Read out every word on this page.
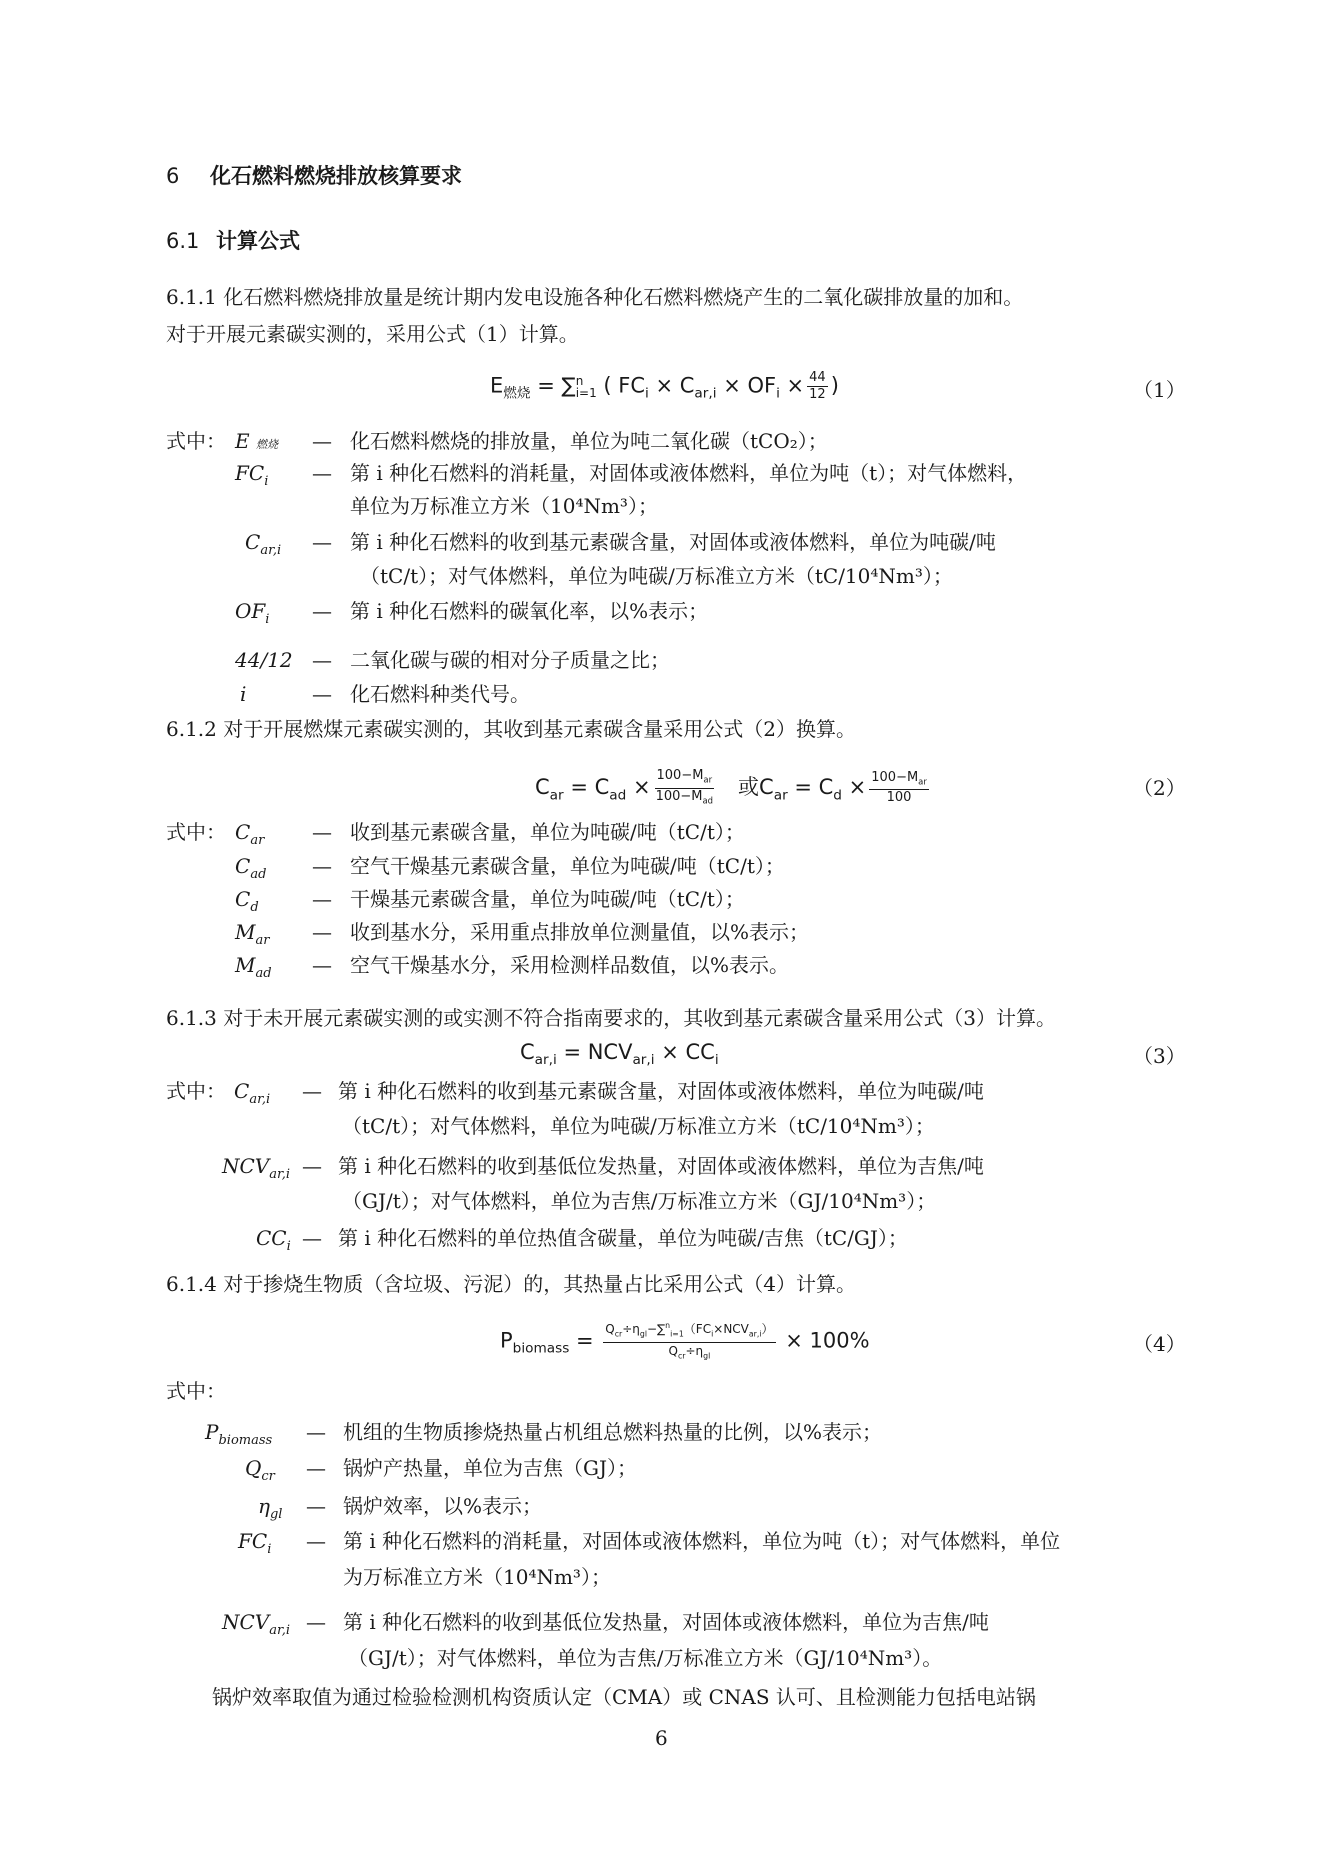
6 化石燃料燃烧排放核算要求
6.1 计算公式
6.1.1 化石燃料燃烧排放量是统计期内发电设施各种化石燃料燃烧产生的二氧化碳排放量的加和。
对于开展元素碳实测的，采用公式（1）计算。
$E_{燃烧}$ = ∑ n
i=1 ( $FC_i \times C_{ar,i} \times OF_i \times \frac{44}{12}$ )	（1）
式中： E 燃烧 — 化石燃料燃烧的排放量，单位为吨二氧化碳（tCO₂）；
$FC_i$ — 第 i 种化石燃料的消耗量，对固体或液体燃料，单位为吨（t）；对气体燃料，
单位为万标准立方米（10⁴Nm³）；
$C_{ar,i}$ — 第 i 种化石燃料的收到基元素碳含量，对固体或液体燃料，单位为吨碳/吨
（tC/t）；对气体燃料，单位为吨碳/万标准立方米（tC/10⁴Nm³）；
$OF_i$ — 第 i 种化石燃料的碳氧化率，以%表示；
44/12 — 二氧化碳与碳的相对分子质量之比；
i	— 化石燃料种类代号。
6.1.2 对于开展燃煤元素碳实测的，其收到基元素碳含量采用公式（2）换算。
$C_{ar} = C_{ad} \times \frac{100-M_{ar}}{100-M_{ad}}$ 或$C_{ar} = C_d \times \frac{100-M_{ar}}{100}$	（2）
式中： $C_{ar}$ — 收到基元素碳含量，单位为吨碳/吨（tC/t）；
$C_{ad}$ — 空气干燥基元素碳含量，单位为吨碳/吨（tC/t）；
$C_d$	— 干燥基元素碳含量，单位为吨碳/吨（tC/t）；
$M_{ar}$ — 收到基水分，采用重点排放单位测量值，以%表示；
$M_{ad}$ — 空气干燥基水分，采用检测样品数值，以%表示。
6.1.3 对于未开展元素碳实测的或实测不符合指南要求的，其收到基元素碳含量采用公式（3）计算。
$C_{ar,i} = NCV_{ar,i} \times CC_i$	（3）
式中： $C_{ar,i}$ — 第 i 种化石燃料的收到基元素碳含量，对固体或液体燃料，单位为吨碳/吨
（tC/t）；对气体燃料，单位为吨碳/万标准立方米（tC/10⁴Nm³）；
$NCV_{ar,i}$ — 第 i 种化石燃料的收到基低位发热量，对固体或液体燃料，单位为吉焦/吨
（GJ/t）；对气体燃料，单位为吉焦/万标准立方米（GJ/10⁴Nm³）；
$CC_i$ — 第 i 种化石燃料的单位热值含碳量，单位为吨碳/吉焦（tC/GJ）；
6.1.4 对于掺烧生物质（含垃圾、污泥）的，其热量占比采用公式（4）计算。
$P_{biomass} = \frac{Q_{cr}\div\eta_{gl}-\sum^n_{i=1}(FC_i\times NCV_{ar,i})}{Q_{cr}\div\eta_{gl}} \times 100\%$	（4）
式中：
$P_{biomass}$ — 机组的生物质掺烧热量占机组总燃料热量的比例，以%表示；
$Q_{cr}$ — 锅炉产热量，单位为吉焦（GJ）；
$\eta_{gl}$ — 锅炉效率，以%表示；
$FC_i$ — 第 i 种化石燃料的消耗量，对固体或液体燃料，单位为吨（t）；对气体燃料，单位
为万标准立方米（10⁴Nm³）；
$NCV_{ar,i}$ — 第 i 种化石燃料的收到基低位发热量，对固体或液体燃料，单位为吉焦/吨
（GJ/t）；对气体燃料，单位为吉焦/万标准立方米（GJ/10⁴Nm³）。
锅炉效率取值为通过检验检测机构资质认定（CMA）或 CNAS 认可、且检测能力包括电站锅
6
